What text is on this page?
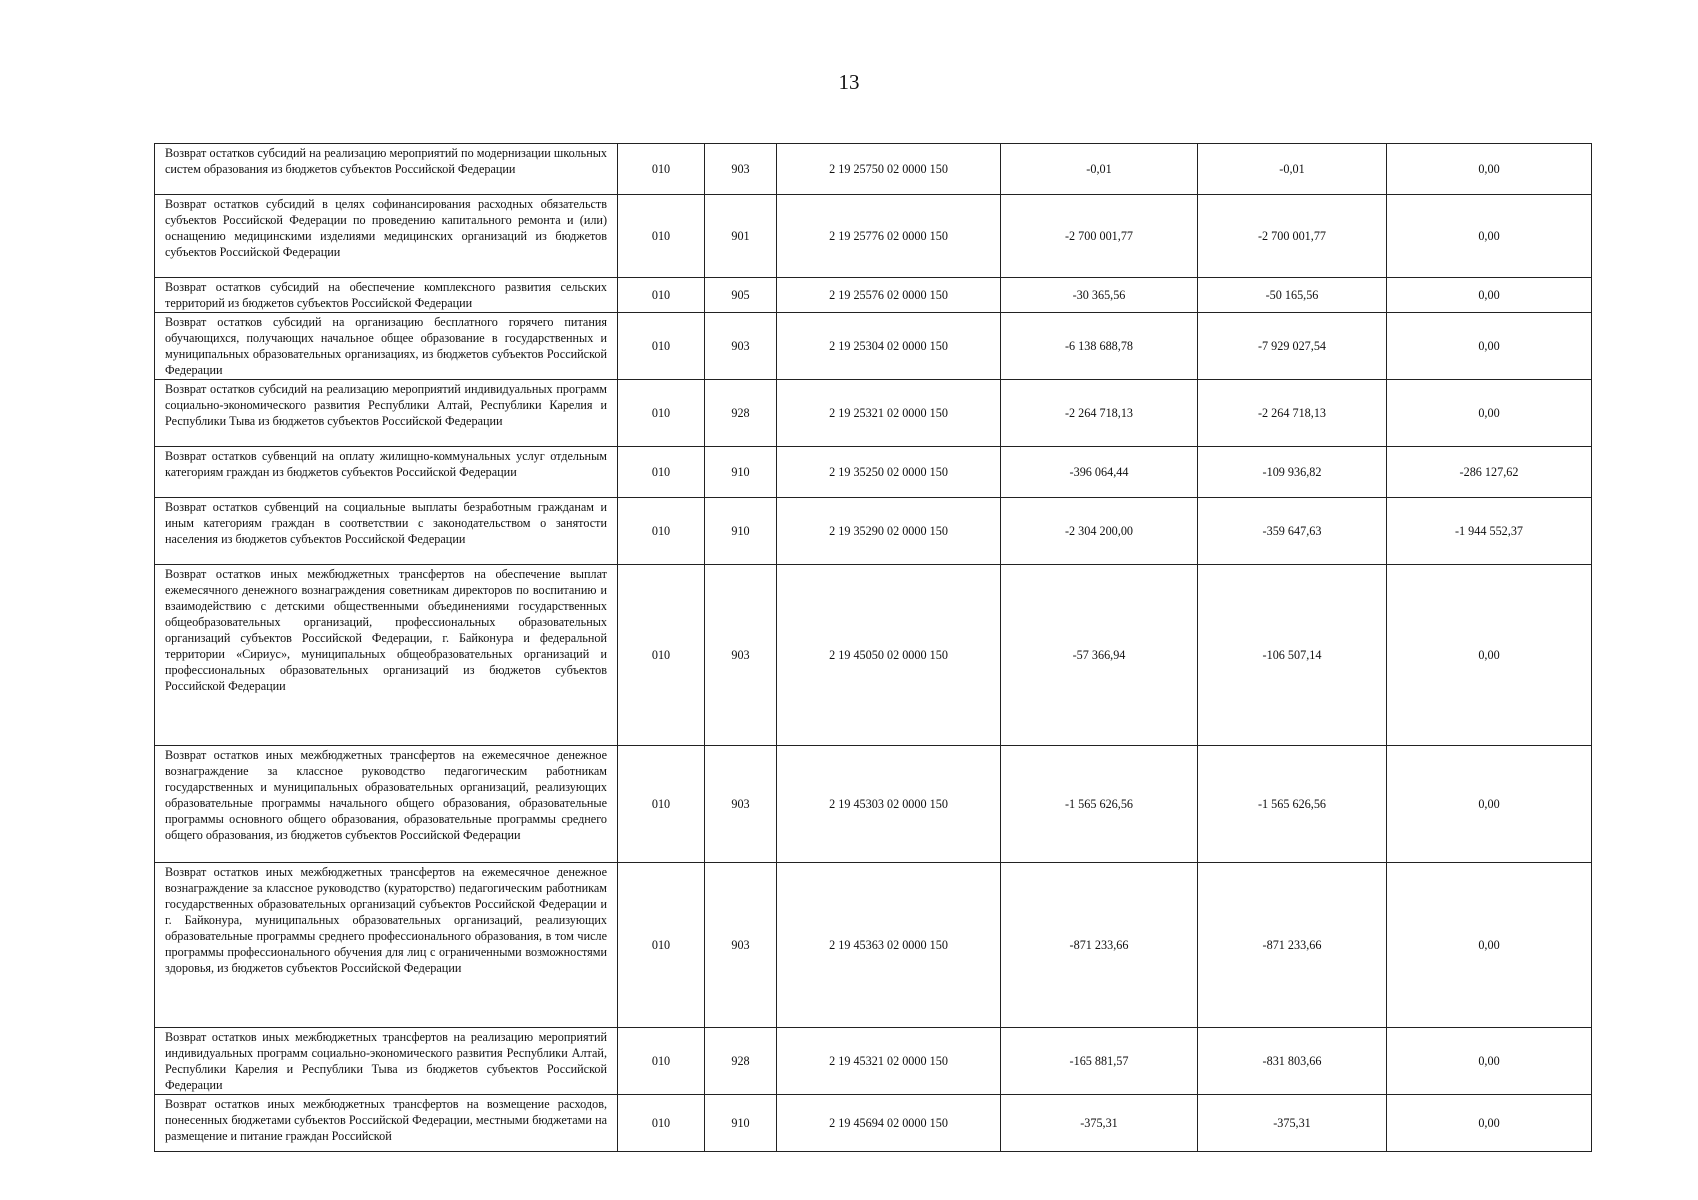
13
Возврат остатков субсидий на реализацию мероприятий по модернизации школьных систем образования из бюджетов субъектов Российской Федерации	010	903	2 19 25750 02 0000 150	-0,01	-0,01	0,00
Возврат остатков субсидий в целях софинансирования расходных обязательств субъектов Российской Федерации по проведению капитального ремонта и (или) оснащению медицинскими изделиями медицинских организаций из бюджетов субъектов Российской Федерации	010	901	2 19 25776 02 0000 150	-2 700 001,77	-2 700 001,77	0,00
Возврат остатков субсидий на обеспечение комплексного развития сельских территорий из бюджетов субъектов Российской Федерации	010	905	2 19 25576 02 0000 150	-30 365,56	-50 165,56	0,00
Возврат остатков субсидий на организацию бесплатного горячего питания обучающихся, получающих начальное общее образование в государственных и муниципальных образовательных организациях, из бюджетов субъектов Российской Федерации	010	903	2 19 25304 02 0000 150	-6 138 688,78	-7 929 027,54	0,00
Возврат остатков субсидий на реализацию мероприятий индивидуальных программ социально-экономического развития Республики Алтай, Республики Карелия и Республики Тыва из бюджетов субъектов Российской Федерации	010	928	2 19 25321 02 0000 150	-2 264 718,13	-2 264 718,13	0,00
Возврат остатков субвенций на оплату жилищно-коммунальных услуг отдельным категориям граждан из бюджетов субъектов Российской Федерации	010	910	2 19 35250 02 0000 150	-396 064,44	-109 936,82	-286 127,62
Возврат остатков субвенций на социальные выплаты безработным гражданам и иным категориям граждан в соответствии с законодательством о занятости населения из бюджетов субъектов Российской Федерации	010	910	2 19 35290 02 0000 150	-2 304 200,00	-359 647,63	-1 944 552,37
Возврат остатков иных межбюджетных трансфертов на обеспечение выплат ежемесячного денежного вознаграждения советникам директоров по воспитанию и взаимодействию с детскими общественными объединениями государственных общеобразовательных организаций, профессиональных образовательных организаций субъектов Российской Федерации, г. Байконура и федеральной территории «Сириус», муниципальных общеобразовательных организаций и профессиональных образовательных организаций из бюджетов субъектов Российской Федерации	010	903	2 19 45050 02 0000 150	-57 366,94	-106 507,14	0,00
Возврат остатков иных межбюджетных трансфертов на ежемесячное денежное вознаграждение за классное руководство педагогическим работникам государственных и муниципальных образовательных организаций, реализующих образовательные программы начального общего образования, образовательные программы основного общего образования, образовательные программы среднего общего образования, из бюджетов субъектов Российской Федерации	010	903	2 19 45303 02 0000 150	-1 565 626,56	-1 565 626,56	0,00
Возврат остатков иных межбюджетных трансфертов на ежемесячное денежное вознаграждение за классное руководство (кураторство) педагогическим работникам государственных образовательных организаций субъектов Российской Федерации и г. Байконура, муниципальных образовательных организаций, реализующих образовательные программы среднего профессионального образования, в том числе программы профессионального обучения для лиц с ограниченными возможностями здоровья, из бюджетов субъектов Российской Федерации	010	903	2 19 45363 02 0000 150	-871 233,66	-871 233,66	0,00
Возврат остатков иных межбюджетных трансфертов на реализацию мероприятий индивидуальных программ социально-экономического развития Республики Алтай, Республики Карелия и Республики Тыва из бюджетов субъектов Российской Федерации	010	928	2 19 45321 02 0000 150	-165 881,57	-831 803,66	0,00
Возврат остатков иных межбюджетных трансфертов на возмещение расходов, понесенных бюджетами субъектов Российской Федерации, местными бюджетами на размещение и питание граждан Российской	010	910	2 19 45694 02 0000 150	-375,31	-375,31	0,00
